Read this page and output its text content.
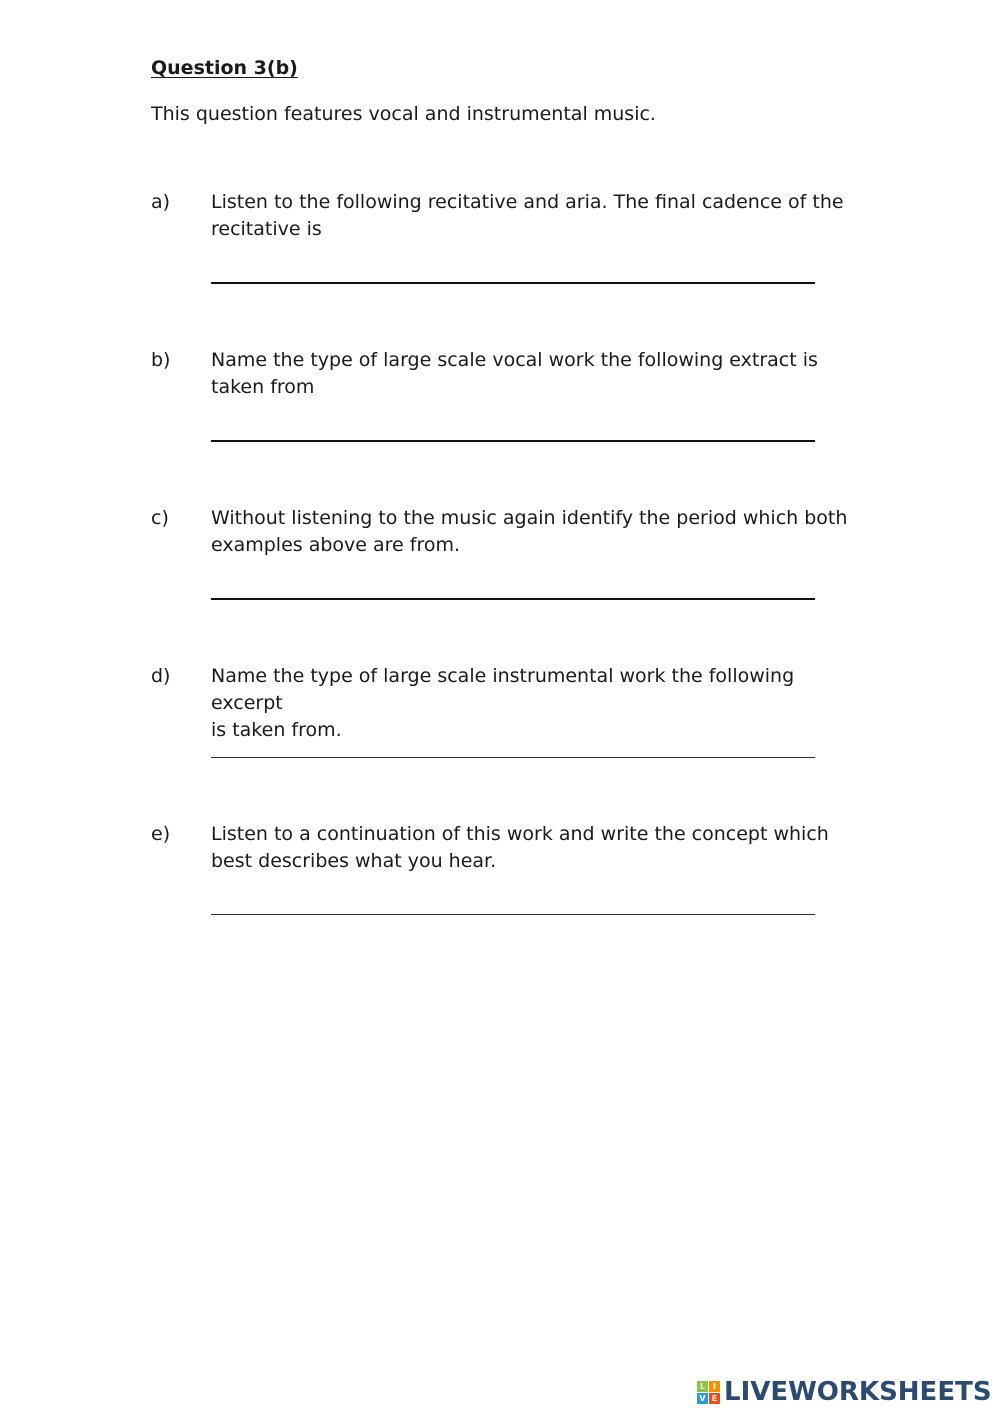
Question 3(b)

This question features vocal and instrumental music.

a) Listen to the following recitative and aria. The final cadence of the
recitative is
b) Name the type of large scale vocal work the following extract is
taken from
c) Without listening to the music again identify the period which both
examples above are from.
d) Name the type of large scale instrumental work the following excerpt
is taken from.
e) Listen to a continuation of this work and write the concept which
best describes what you hear.
L I
V E LIVEWORKSHEETS
